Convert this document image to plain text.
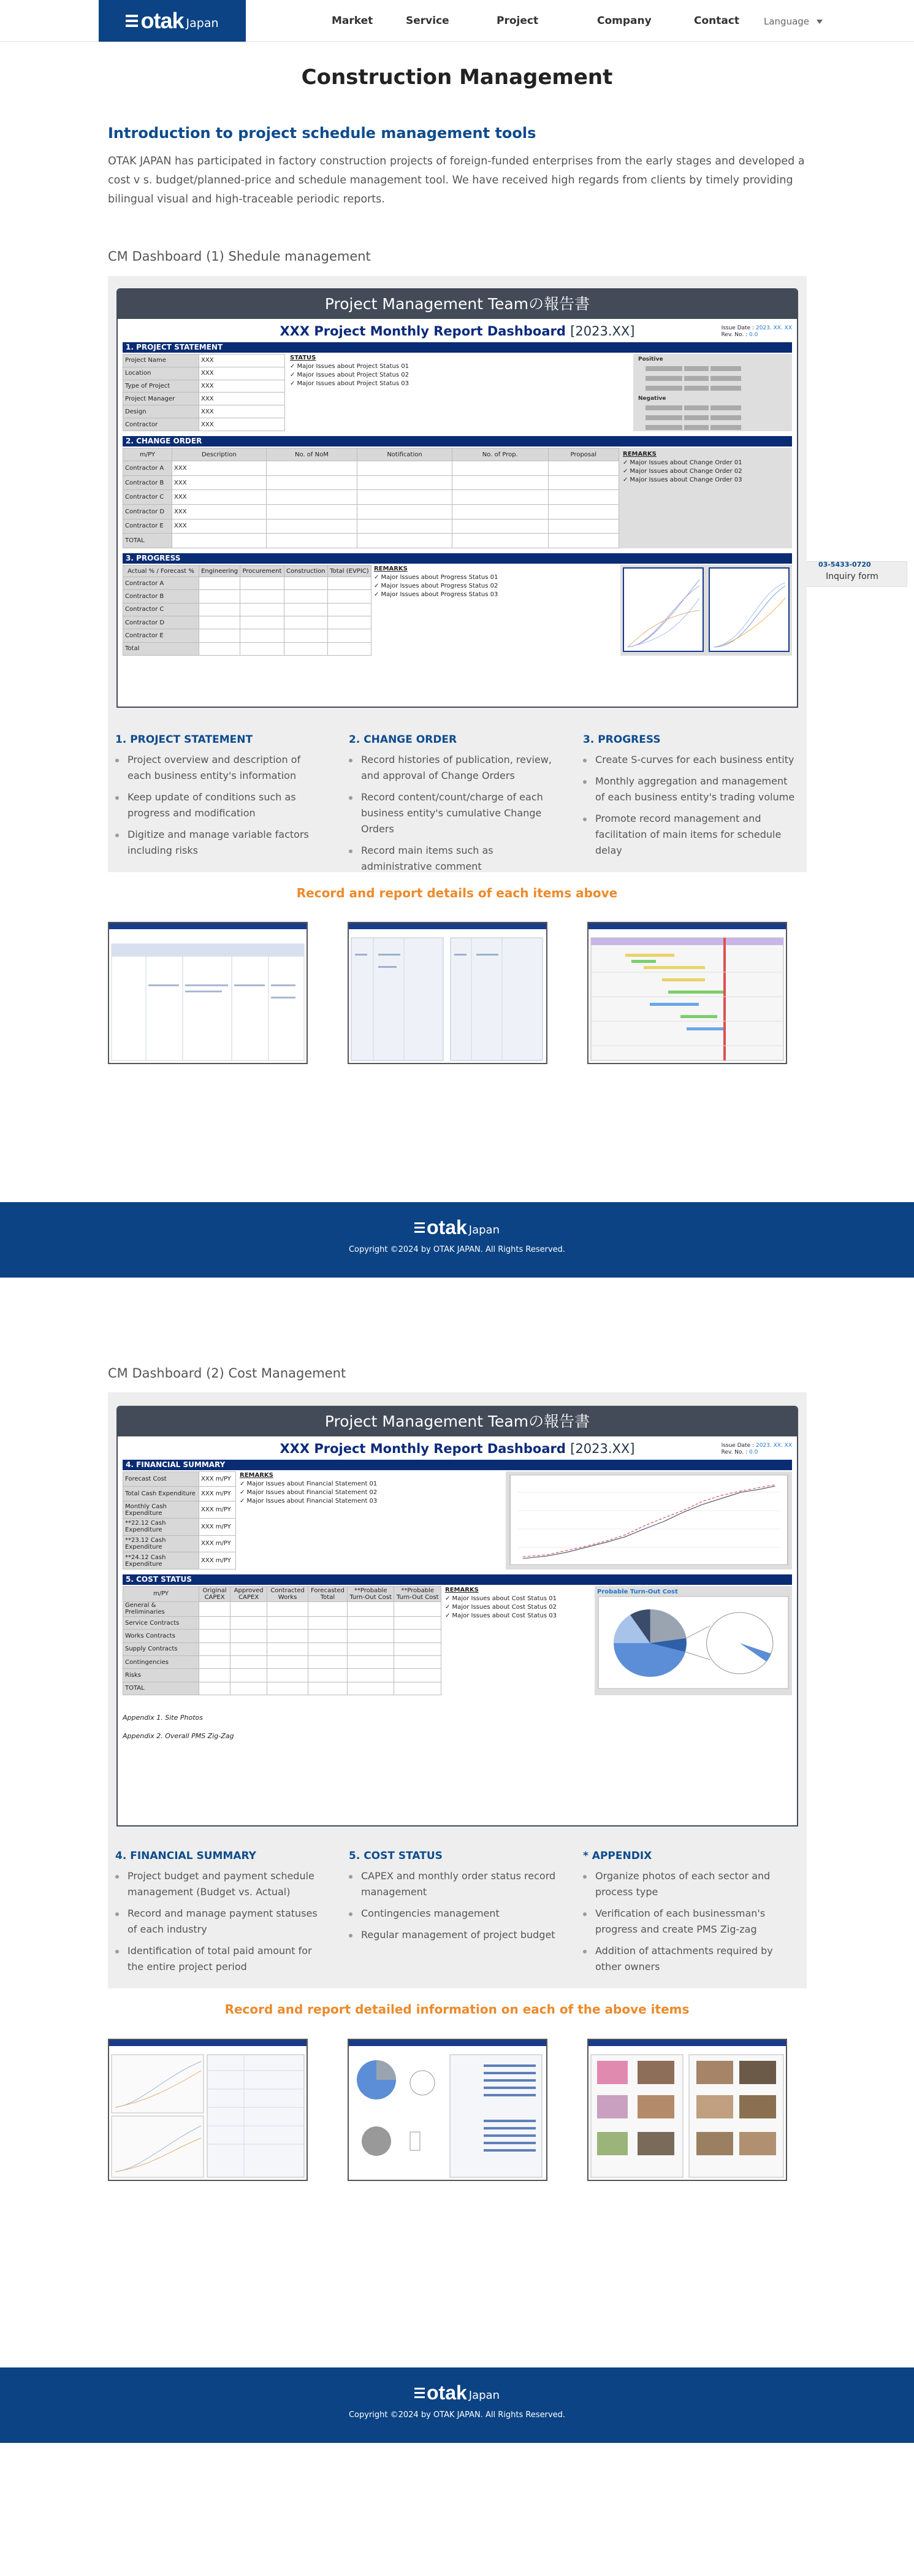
otak Japan	Market	Service	Project	Company	Contact	Language
Construction Management
Introduction to project schedule management tools
OTAK JAPAN has participated in factory construction projects of foreign-funded enterprises from the early stages and developed a cost v s. budget/planned-price and schedule management tool. We have received high regards from clients by timely providing bilingual visual and high-traceable periodic reports.
03-5433-0720
Inquiry form
CM Dashboard (1) Shedule management
Project Management Teamの報告書
XXX Project Monthly Report Dashboard [2023.XX]	Issue Date : 2023. XX. XX
Rev. No. : 0.0
1. PROJECT STATEMENT
Project Name	XXX
Location	XXX
Type of Project	XXX
Project Manager	XXX
Design	XXX
Contractor	XXX
STATUS
✓ Major Issues about Project Status 01
✓ Major Issues about Project Status 02
✓ Major Issues about Project Status 03
Positive
Negative
2. CHANGE ORDER
m/PY	Description	No. of NoM	Notification	No. of Prop.	Proposal
Contractor A	XXX				
Contractor B	XXX				
Contractor C	XXX				
Contractor D	XXX				
Contractor E	XXX				
TOTAL					
REMARKS
✓ Major Issues about Change Order 01
✓ Major Issues about Change Order 02
✓ Major Issues about Change Order 03
3. PROGRESS
Actual % / Forecast %	Engineering	Procurement	Construction	Total (EVPIC)
Contractor A				
Contractor B				
Contractor C				
Contractor D				
Contractor E				
Total				
REMARKS
✓ Major Issues about Progress Status 01
✓ Major Issues about Progress Status 02
✓ Major Issues about Progress Status 03
1. PROJECT STATEMENT
Project overview and description of each business entity's information
Keep update of conditions such as progress and modification
Digitize and manage variable factors including risks
2. CHANGE ORDER
Record histories of publication, review, and approval of Change Orders
Record content/count/charge of each business entity's cumulative Change Orders
Record main items such as administrative comment
3. PROGRESS
Create S-curves for each business entity
Monthly aggregation and management of each business entity's trading volume
Promote record management and facilitation of main items for schedule delay
Record and report details of each items above
otak Japan
Copyright ©2024 by OTAK JAPAN. All Rights Reserved.
CM Dashboard (2) Cost Management
Project Management Teamの報告書
XXX Project Monthly Report Dashboard [2023.XX]	Issue Date : 2023. XX. XX
Rev. No. : 0.0
4. FINANCIAL SUMMARY
Forecast Cost	XXX m/PY
Total Cash Expenditure	XXX m/PY
Monthly Cash Expenditure	XXX m/PY
**22.12 Cash Expenditure	XXX m/PY
**23.12 Cash Expenditure	XXX m/PY
**24.12 Cash Expenditure	XXX m/PY
REMARKS
✓ Major Issues about Financial Statement 01
✓ Major Issues about Financial Statement 02
✓ Major Issues about Financial Statement 03
5. COST STATUS
m/PY	Original CAPEX	Approved CAPEX	Contracted Works	Forecasted Total	**Probable Turn-Out Cost	**Probable Turn-Out Cost
General & Preliminaries						
Service Contracts						
Works Contracts						
Supply Contracts						
Contingencies						
Risks						
TOTAL						
REMARKS
✓ Major Issues about Cost Status 01
✓ Major Issues about Cost Status 02
✓ Major Issues about Cost Status 03
Probable Turn-Out Cost
Appendix 1. Site Photos
Appendix 2. Overall PMS Zig-Zag
4. FINANCIAL SUMMARY
Project budget and payment schedule management (Budget vs. Actual)
Record and manage payment statuses of each industry
Identification of total paid amount for the entire project period
5. COST STATUS
CAPEX and monthly order status record management
Contingencies management
Regular management of project budget
* APPENDIX
Organize photos of each sector and process type
Verification of each businessman's progress and create PMS Zig-zag
Addition of attachments required by other owners
Record and report detailed information on each of the above items
otak Japan
Copyright ©2024 by OTAK JAPAN. All Rights Reserved.
